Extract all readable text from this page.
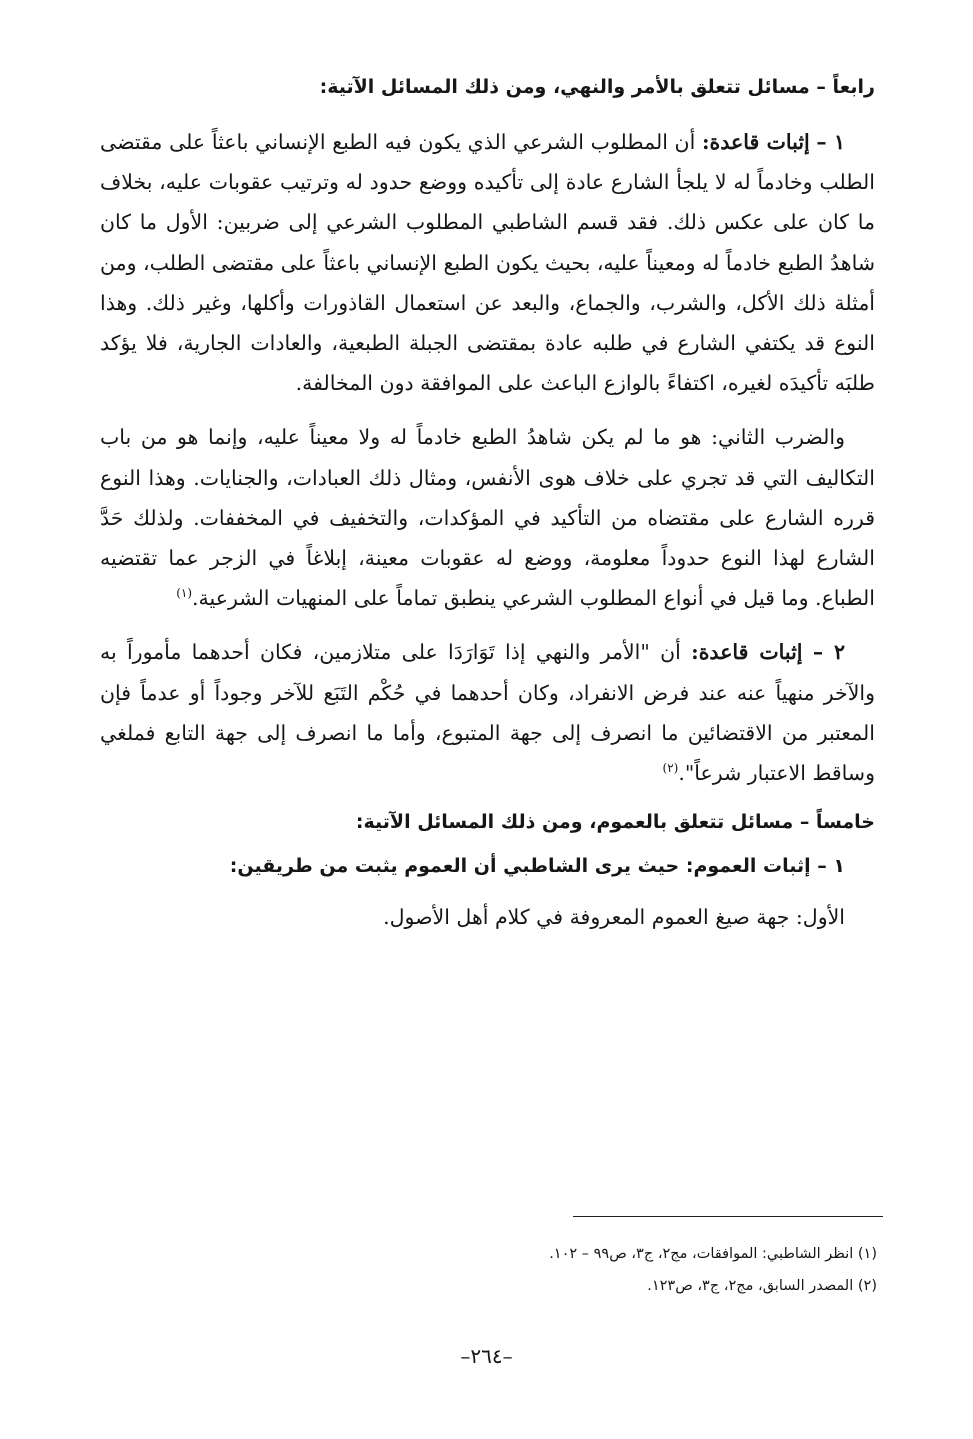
رابعاً – مسائل تتعلق بالأمر والنهي، ومن ذلك المسائل الآتية:

١ – إثبات قاعدة: أن المطلوب الشرعي الذي يكون فيه الطبع الإنساني باعثاً على مقتضى الطلب وخادماً له لا يلجأ الشارع عادة إلى تأكيده ووضع حدود له وترتيب عقوبات عليه، بخلاف ما كان على عكس ذلك. فقد قسم الشاطبي المطلوب الشرعي إلى ضربين: الأول ما كان شاهدُ الطبع خادماً له ومعيناً عليه، بحيث يكون الطبع الإنساني باعثاً على مقتضى الطلب، ومن أمثلة ذلك الأكل، والشرب، والجماع، والبعد عن استعمال القاذورات وأكلها، وغير ذلك. وهذا النوع قد يكتفي الشارع في طلبه عادة بمقتضى الجبلة الطبعية، والعادات الجارية، فلا يؤكد طلبَه تأكيدَه لغيره، اكتفاءً بالوازع الباعث على الموافقة دون المخالفة.

والضرب الثاني: هو ما لم يكن شاهدُ الطبع خادماً له ولا معيناً عليه، وإنما هو من باب التكاليف التي قد تجري على خلاف هوى الأنفس، ومثال ذلك العبادات، والجنايات. وهذا النوع قرره الشارع على مقتضاه من التأكيد في المؤكدات، والتخفيف في المخففات. ولذلك حَدَّ الشارع لهذا النوع حدوداً معلومة، ووضع له عقوبات معينة، إبلاغاً في الزجر عما تقتضيه الطباع. وما قيل في أنواع المطلوب الشرعي ينطبق تماماً على المنهيات الشرعية.$^{(١)}$

٢ – إثبات قاعدة: أن "الأمر والنهي إذا تَوَارَدَا على متلازمين، فكان أحدهما مأموراً به والآخر منهياً عنه عند فرض الانفراد، وكان أحدهما في حُكْم التَبَع للآخر وجوداً أو عدماً فإن المعتبر من الاقتضائين ما انصرف إلى جهة المتبوع، وأما ما انصرف إلى جهة التابع فملغي وساقط الاعتبار شرعاً".$^{(٢)}$

خامساً – مسائل تتعلق بالعموم، ومن ذلك المسائل الآتية:
١ – إثبات العموم: حيث يرى الشاطبي أن العموم يثبت من طريقين:
الأول: جهة صيغ العموم المعروفة في كلام أهل الأصول.
(١) انظر الشاطبي: الموافقات، مج٢، ج٣، ص٩٩ – ١٠٢.
(٢) المصدر السابق، مج٢، ج٣، ص١٢٣.
–٢٦٤–
